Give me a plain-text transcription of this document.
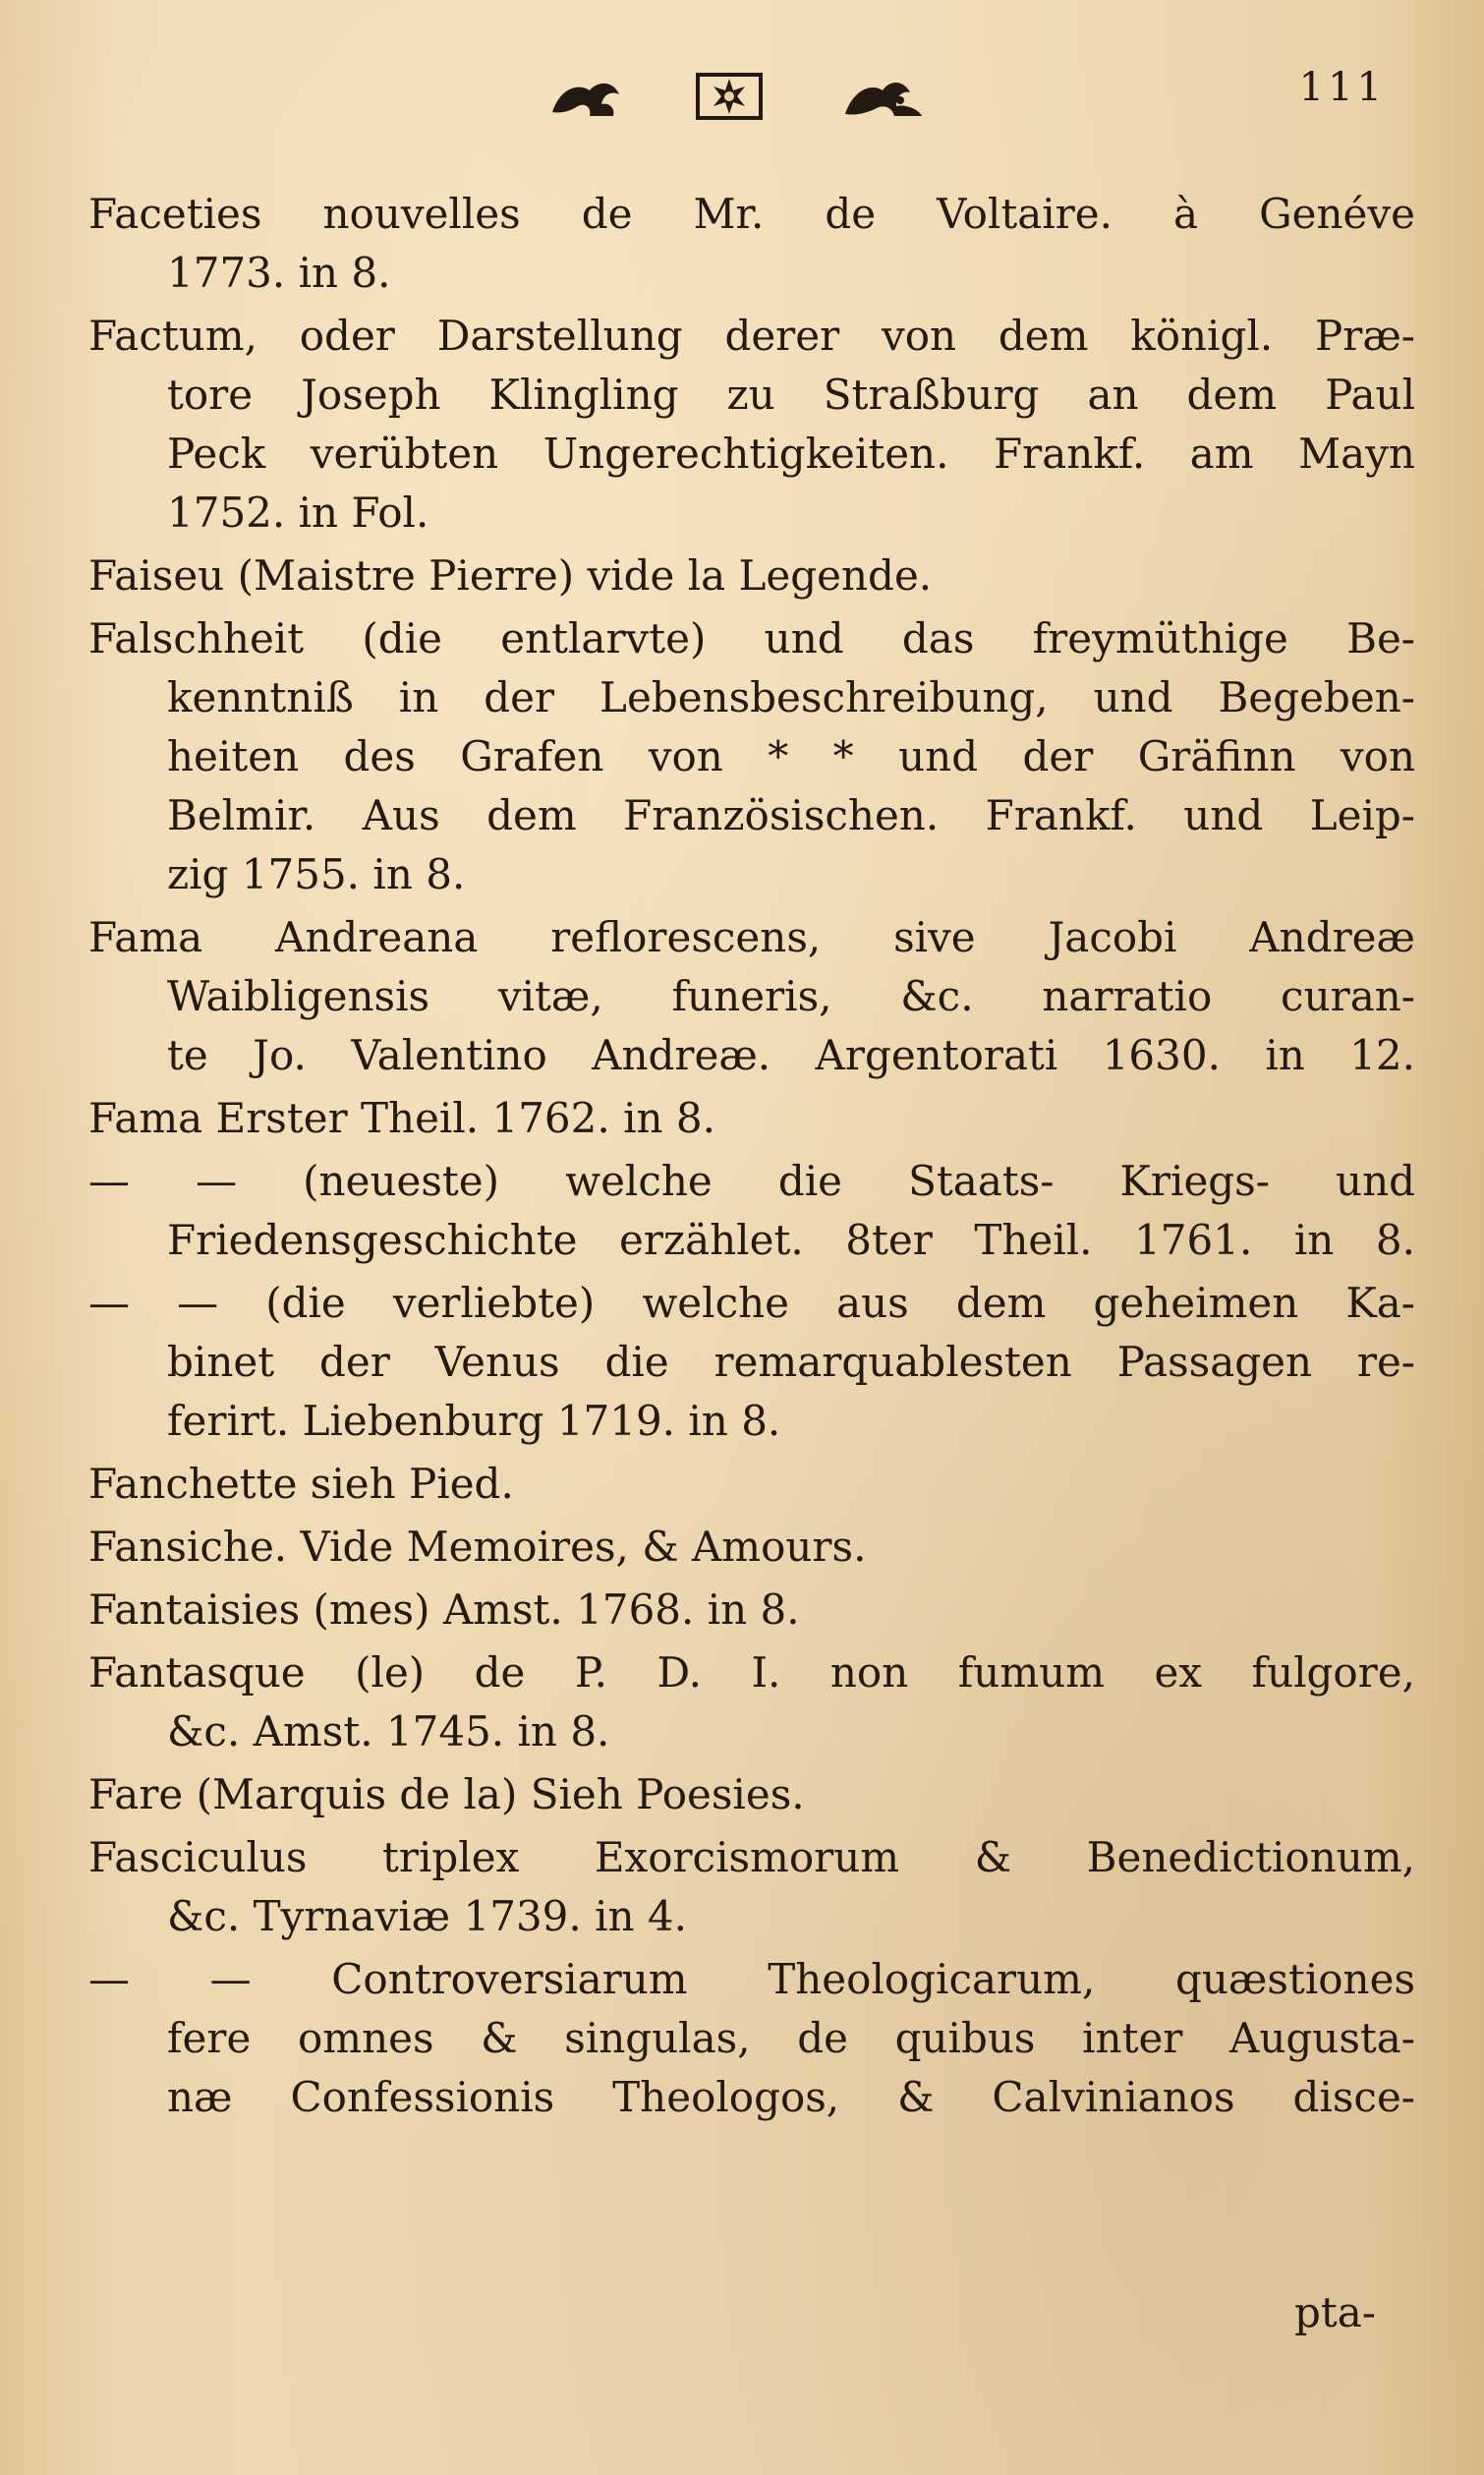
111
Faceties nouvelles de Mr. de Voltaire. à Genéve
1773. in 8.
Factum, oder Darstellung derer von dem königl. Præ-
tore Joseph Klingling zu Straßburg an dem Paul
Peck verübten Ungerechtigkeiten. Frankf. am Mayn
1752. in Fol.
Faiseu (Maistre Pierre) vide la Legende.
Falschheit (die entlarvte) und das freymüthige Be-
kenntniß in der Lebensbeschreibung, und Begeben-
heiten des Grafen von * * und der Gräfinn von
Belmir. Aus dem Französischen. Frankf. und Leip-
zig 1755. in 8.
Fama Andreana reflorescens, sive Jacobi Andreæ
Waibligensis vitæ, funeris, &c. narratio curan-
te Jo. Valentino Andreæ. Argentorati 1630. in 12.
Fama Erster Theil. 1762. in 8.
— — (neueste) welche die Staats- Kriegs- und
Friedensgeschichte erzählet. 8ter Theil. 1761. in 8.
— — (die verliebte) welche aus dem geheimen Ka-
binet der Venus die remarquablesten Passagen re-
ferirt. Liebenburg 1719. in 8.
Fanchette sieh Pied.
Fansiche. Vide Memoires, & Amours.
Fantaisies (mes) Amst. 1768. in 8.
Fantasque (le) de P. D. I. non fumum ex fulgore,
&c. Amst. 1745. in 8.
Fare (Marquis de la) Sieh Poesies.
Fasciculus triplex Exorcismorum & Benedictionum,
&c. Tyrnaviæ 1739. in 4.
— — Controversiarum Theologicarum, quæstiones
fere omnes & singulas, de quibus inter Augusta-
næ Confessionis Theologos, & Calvinianos disce-
pta-
